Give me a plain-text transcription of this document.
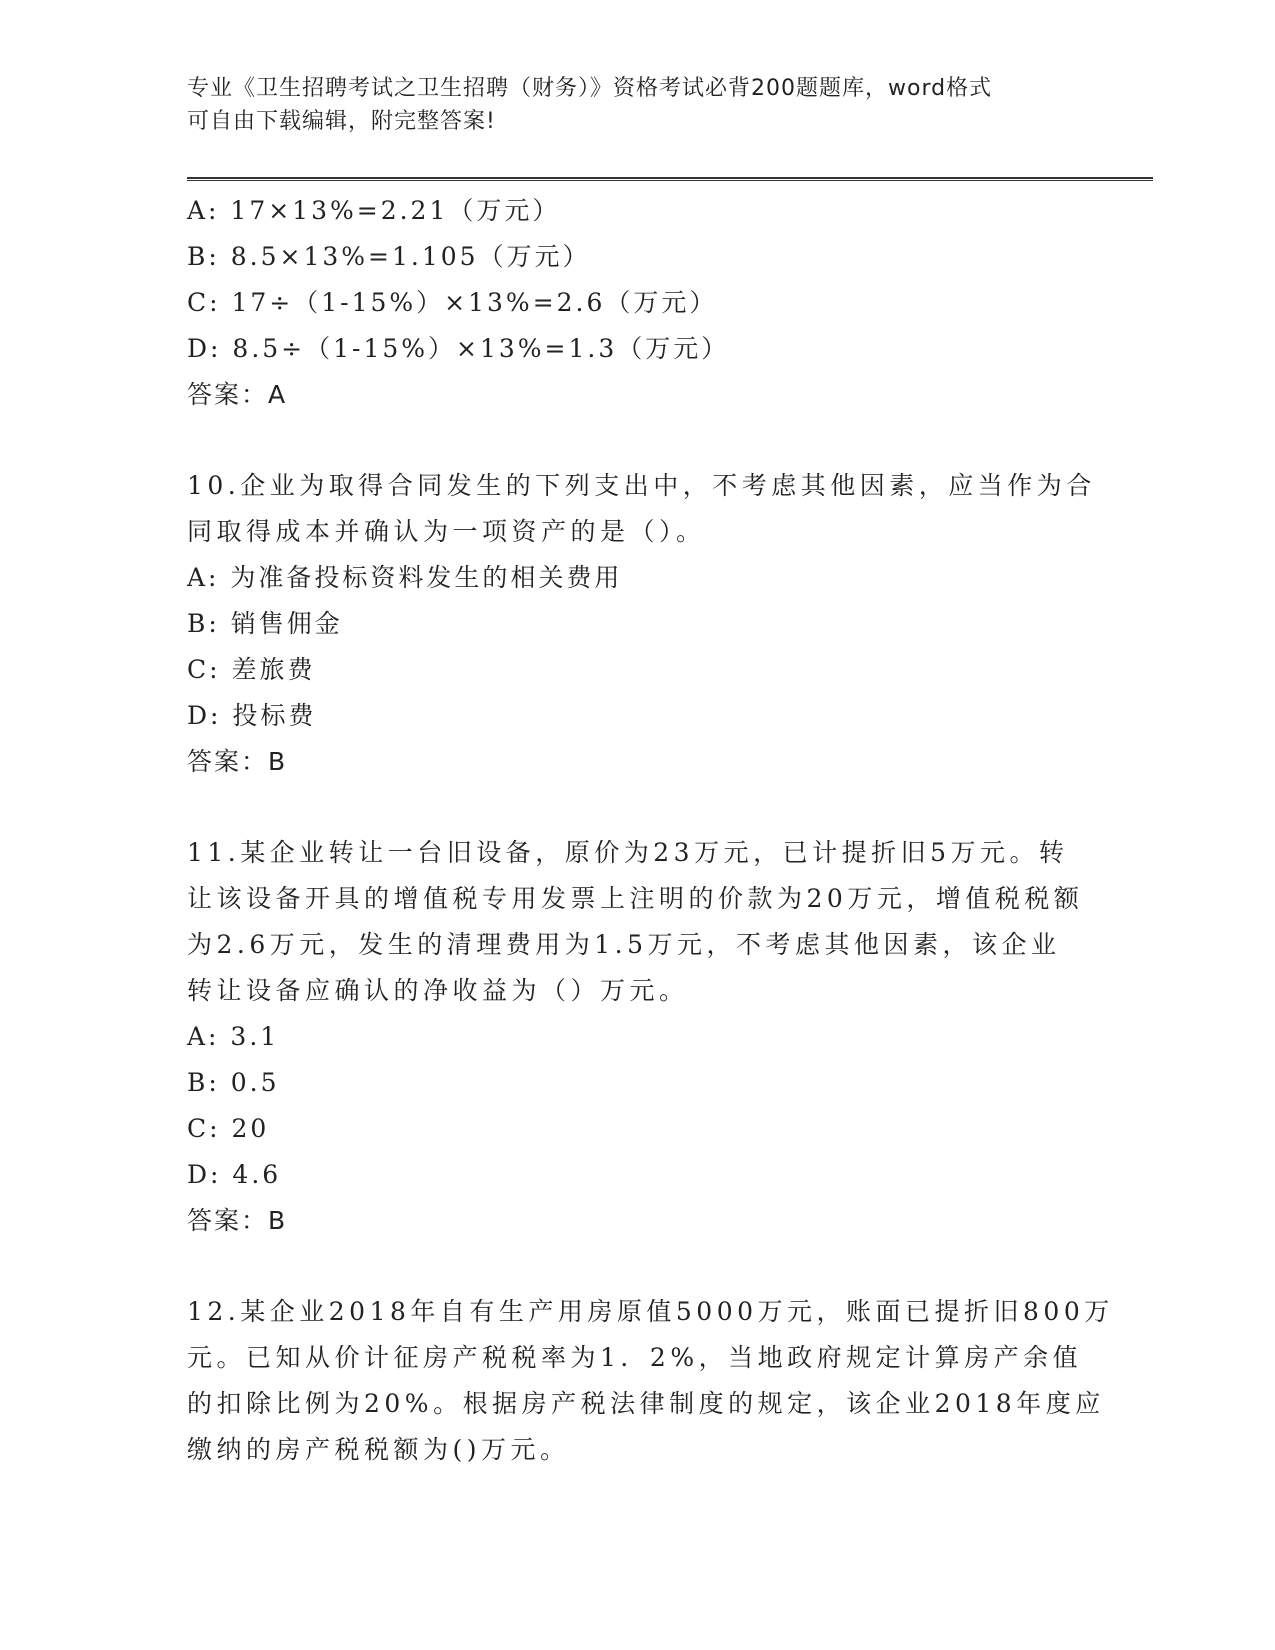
专业《卫生招聘考试之卫生招聘（财务）》资格考试必背200题题库，word格式
可自由下载编辑，附完整答案!
A: 17×13%=2.21（万元）
B: 8.5×13%=1.105（万元）
C: 17÷（1-15%）×13%=2.6（万元）
D: 8.5÷（1-15%）×13%=1.3（万元）
答案：A
10.企业为取得合同发生的下列支出中，不考虑其他因素，应当作为合
同取得成本并确认为一项资产的是（）。
A: 为准备投标资料发生的相关费用
B: 销售佣金
C: 差旅费
D: 投标费
答案：B
11.某企业转让一台旧设备，原价为23万元，已计提折旧5万元。转
让该设备开具的增值税专用发票上注明的价款为20万元，增值税税额
为2.6万元，发生的清理费用为1.5万元，不考虑其他因素，该企业
转让设备应确认的净收益为（）万元。
A: 3.1
B: 0.5
C: 20
D: 4.6
答案：B
12.某企业2018年自有生产用房原值5000万元，账面已提折旧800万
元。已知从价计征房产税税率为1．2%，当地政府规定计算房产余值
的扣除比例为20%。根据房产税法律制度的规定，该企业2018年度应
缴纳的房产税税额为()万元。
